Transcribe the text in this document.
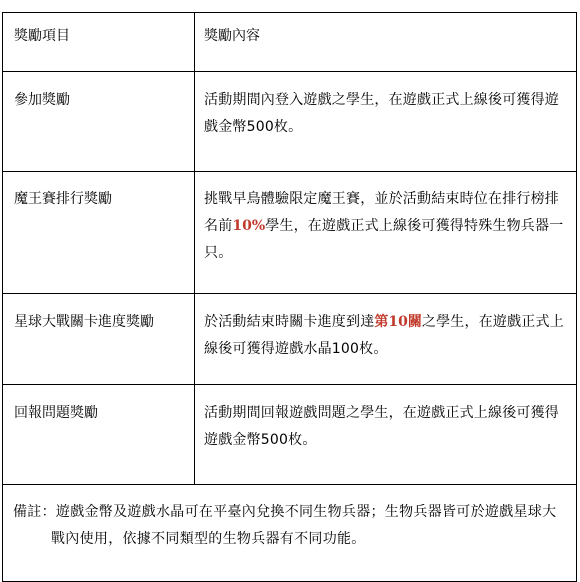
獎勵項目	獎勵內容
參加獎勵	活動期間內登入遊戲之學生，在遊戲正式上線後可獲得遊戲金幣500枚。
魔王賽排行獎勵	挑戰早鳥體驗限定魔王賽，並於活動結束時位在排行榜排名前10%學生，在遊戲正式上線後可獲得特殊生物兵器一只。
星球大戰關卡進度獎勵	於活動結束時關卡進度到達第10關之學生，在遊戲正式上線後可獲得遊戲水晶100枚。
回報問題獎勵	活動期間回報遊戲問題之學生，在遊戲正式上線後可獲得遊戲金幣500枚。

備註：遊戲金幣及遊戲水晶可在平臺內兌換不同生物兵器；生物兵器皆可於遊戲星球大戰內使用，依據不同類型的生物兵器有不同功能。	
